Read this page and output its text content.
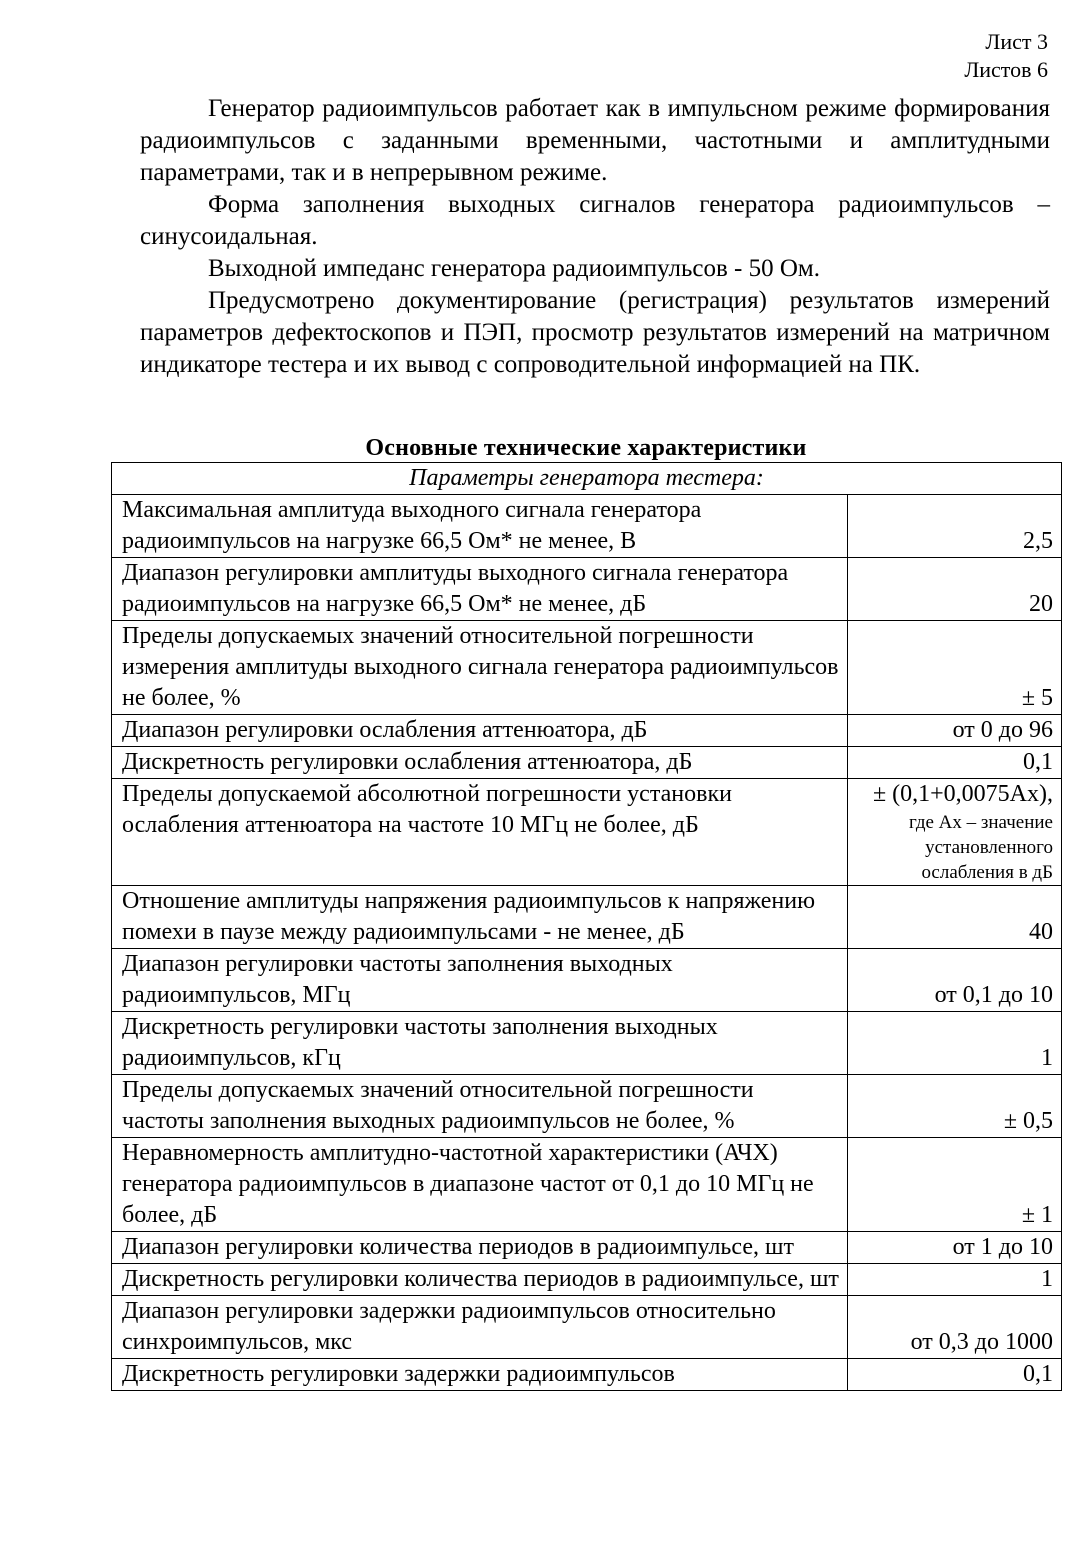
Лист 3
Листов 6

Генератор радиоимпульсов работает как в импульсном режиме формирования радиоимпульсов с заданными временными, частотными и амплитудными параметрами, так и в непрерывном режиме.

Форма заполнения выходных сигналов генератора радиоимпульсов – синусоидальная.

Выходной импеданс генератора радиоимпульсов - 50 Ом.

Предусмотрено документирование (регистрация) результатов измерений параметров дефектоскопов и ПЭП, просмотр результатов измерений на матричном индикаторе тестера и их вывод с сопроводительной информацией на ПК.

Основные технические характеристики
Параметры генератора тестера:	
Максимальная амплитуда выходного сигнала генератора радиоимпульсов на нагрузке 66,5 Ом* не менее, В	2,5
Диапазон регулировки амплитуды выходного сигнала генератора радиоимпульсов на нагрузке 66,5 Ом* не менее, дБ	20
Пределы допускаемых значений относительной погрешности измерения амплитуды выходного сигнала генератора радиоимпульсов не более, %	± 5
Диапазон регулировки ослабления аттенюатора, дБ	от 0 до 96
Дискретность регулировки ослабления аттенюатора, дБ	0,1
Пределы допускаемой абсолютной погрешности установки ослабления аттенюатора на частоте 10 МГц не более, дБ	± (0,1+0,0075Ах),
где Ах – значение установленного ослабления в дБ

Отношение амплитуды напряжения радиоимпульсов к напряжению помехи в паузе между радиоимпульсами - не менее, дБ	40
Диапазон регулировки частоты заполнения выходных радиоимпульсов, МГц	от 0,1 до 10
Дискретность регулировки частоты заполнения выходных радиоимпульсов, кГц	1
Пределы допускаемых значений относительной погрешности частоты заполнения выходных радиоимпульсов не более, %	± 0,5
Неравномерность амплитудно-частотной характеристики (АЧХ) генератора радиоимпульсов в диапазоне частот от 0,1 до 10 МГц не более, дБ	± 1
Диапазон регулировки количества периодов в радиоимпульсе, шт	от 1 до 10
Дискретность регулировки количества периодов в радиоимпульсе, шт	1
Диапазон регулировки задержки радиоимпульсов относительно синхроимпульсов, мкс	от 0,3 до 1000
Дискретность регулировки задержки радиоимпульсов	0,1
